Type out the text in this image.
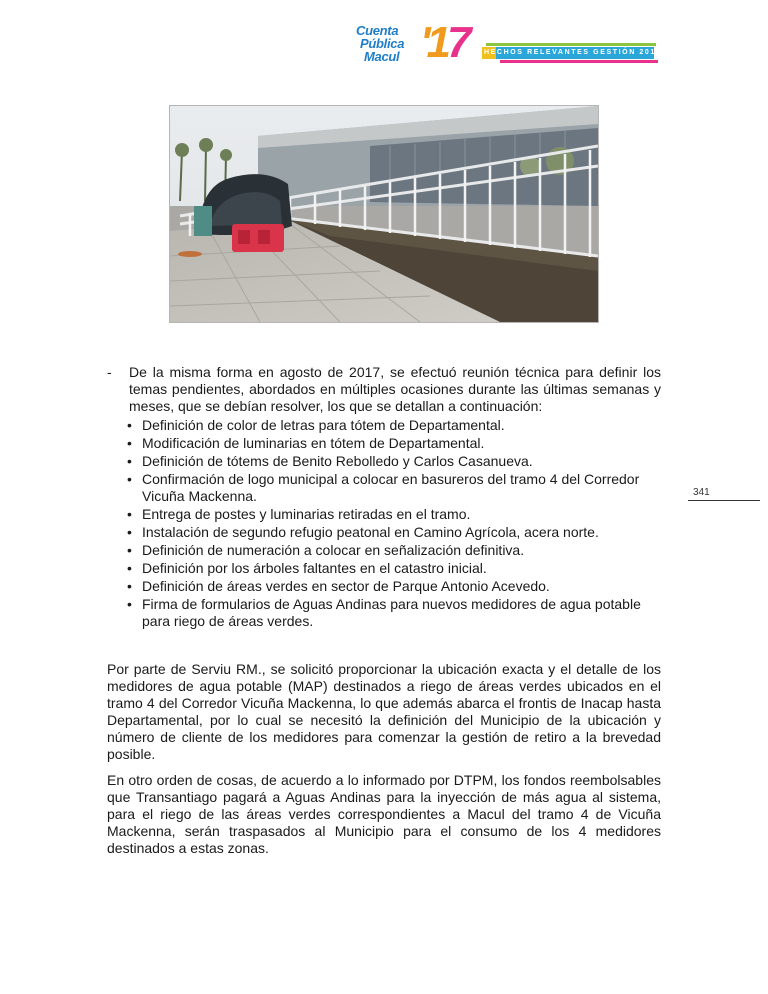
Cuenta
Pública
Macul '17 HECHOS RELEVANTES GESTIÓN 2017
- De la misma forma en agosto de 2017, se efectuó reunión técnica para definir los temas pendientes, abordados en múltiples ocasiones durante las últimas semanas y meses, que se debían resolver, los que se detallan a continuación:

• Definición de color de letras para tótem de Departamental.
• Modificación de luminarias en tótem de Departamental.
• Definición de tótems de Benito Rebolledo y Carlos Casanueva.
• Confirmación de logo municipal a colocar en basureros del tramo 4 del Corredor Vicuña Mackenna.
• Entrega de postes y luminarias retiradas en el tramo.
• Instalación de segundo refugio peatonal en Camino Agrícola, acera norte.
• Definición de numeración a colocar en señalización definitiva.
• Definición por los árboles faltantes en el catastro inicial.
• Definición de áreas verdes en sector de Parque Antonio Acevedo.
• Firma de formularios de Aguas Andinas para nuevos medidores de agua potable para riego de áreas verdes.

Por parte de Serviu RM., se solicitó proporcionar la ubicación exacta y el detalle de los medidores de agua potable (MAP) destinados a riego de áreas verdes ubicados en el tramo 4 del Corredor Vicuña Mackenna, lo que además abarca el frontis de Inacap hasta Departamental, por lo cual se necesitó la definición del Municipio de la ubicación y número de cliente de los medidores para comenzar la gestión de retiro a la brevedad posible.

En otro orden de cosas, de acuerdo a lo informado por DTPM, los fondos reembolsables que Transantiago pagará a Aguas Andinas para la inyección de más agua al sistema, para el riego de las áreas verdes correspondientes a Macul del tramo 4 de Vicuña Mackenna, serán traspasados al Municipio para el consumo de los 4 medidores destinados a estas zonas.

341
